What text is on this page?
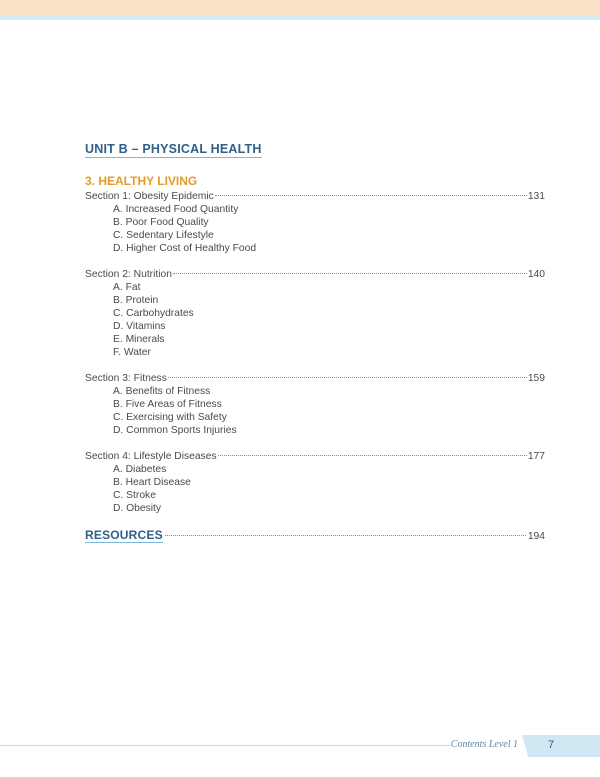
UNIT B – PHYSICAL HEALTH
3. HEALTHY LIVING
Section 1: Obesity Epidemic	131
A. Increased Food Quantity
B. Poor Food Quality
C. Sedentary Lifestyle
D. Higher Cost of Healthy Food
Section 2: Nutrition	140
A. Fat
B. Protein
C. Carbohydrates
D. Vitamins
E. Minerals
F. Water
Section 3: Fitness	159
A. Benefits of Fitness
B. Five Areas of Fitness
C. Exercising with Safety
D. Common Sports Injuries
Section 4: Lifestyle Diseases	177
A. Diabetes
B. Heart Disease
C. Stroke
D. Obesity
RESOURCES	194
Contents Level 1	7
